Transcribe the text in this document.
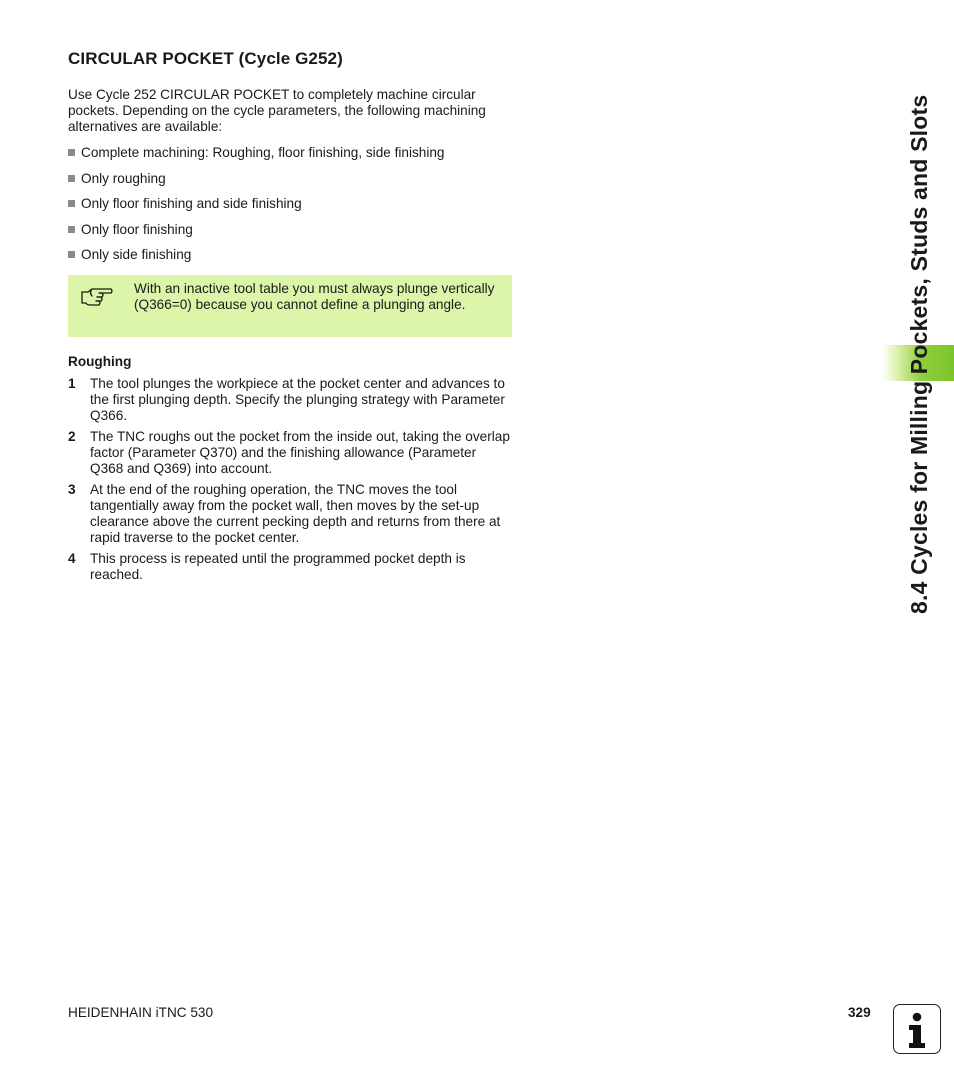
CIRCULAR POCKET (Cycle G252)
Use Cycle 252 CIRCULAR POCKET to completely machine circular pockets. Depending on the cycle parameters, the following machining alternatives are available:
Complete machining: Roughing, floor finishing, side finishing
Only roughing
Only floor finishing and side finishing
Only floor finishing
Only side finishing
With an inactive tool table you must always plunge vertically (Q366=0) because you cannot define a plunging angle.
Roughing
1	The tool plunges the workpiece at the pocket center and advances to the first plunging depth. Specify the plunging strategy with Parameter Q366.
2	The TNC roughs out the pocket from the inside out, taking the overlap factor (Parameter Q370) and the finishing allowance (Parameter Q368 and Q369) into account.
3	At the end of the roughing operation, the TNC moves the tool tangentially away from the pocket wall, then moves by the set-up clearance above the current pecking depth and returns from there at rapid traverse to the pocket center.
4	This process is repeated until the programmed pocket depth is reached.	8.4 Cycles for Milling Pockets, Studs and Slots
HEIDENHAIN iTNC 530	329
